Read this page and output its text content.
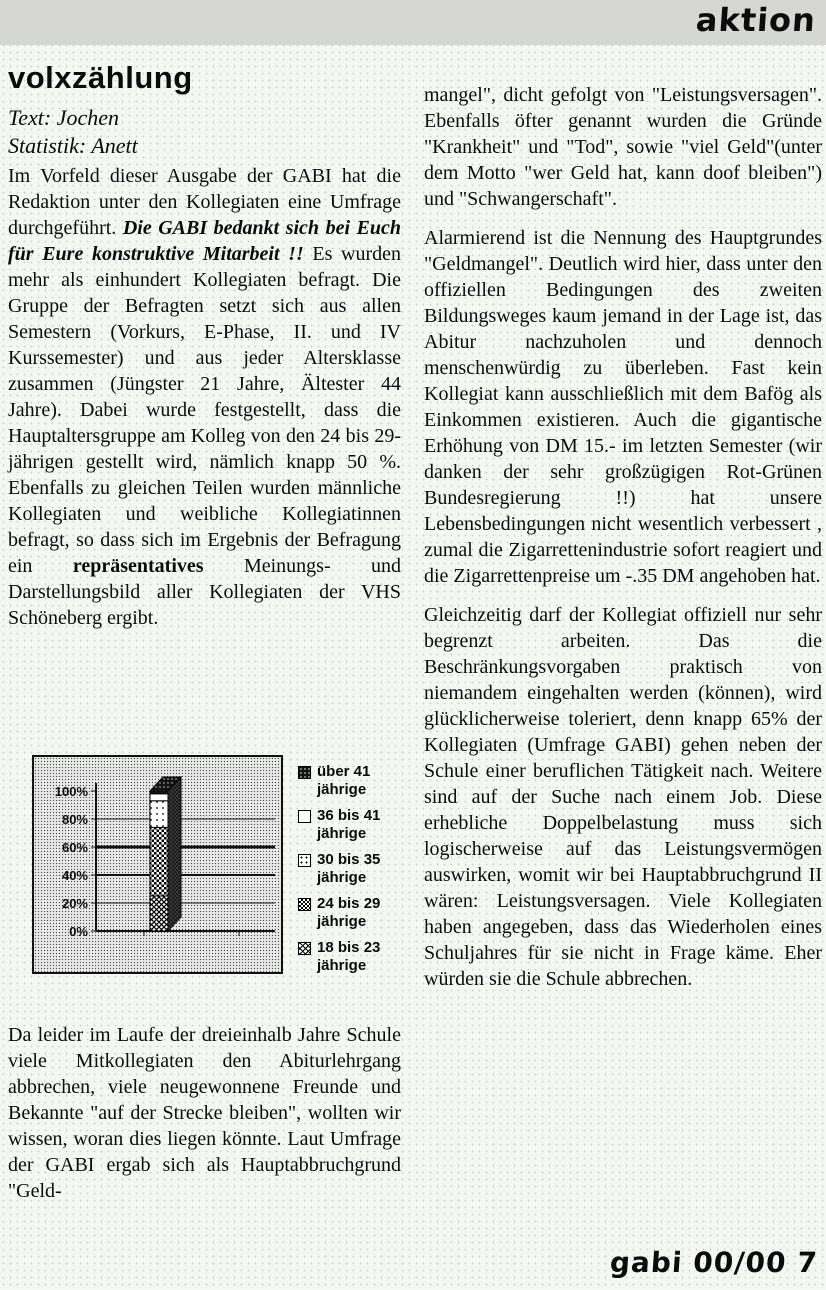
aktion
volxzählung
Text: Jochen
Statistik: Anett
Im Vorfeld dieser Ausgabe der GABI hat die Redaktion unter den Kollegiaten eine Umfrage durchgeführt. Die GABI bedankt sich bei Euch für Eure konstruktive Mitarbeit !! Es wurden mehr als einhundert Kollegiaten befragt. Die Gruppe der Befragten setzt sich aus allen Semestern (Vorkurs, E-Phase, II. und IV Kurssemester) und aus jeder Altersklasse zusammen (Jüngster 21 Jahre, Ältester 44 Jahre). Dabei wurde festgestellt, dass die Hauptaltersgruppe am Kolleg von den 24 bis 29-jährigen gestellt wird, nämlich knapp 50 %. Ebenfalls zu gleichen Teilen wurden männliche Kollegiaten und weibliche Kollegiatinnen befragt, so dass sich im Ergebnis der Befragung ein repräsentatives Meinungs- und Darstellungsbild aller Kollegiaten der VHS Schöneberg ergibt.
0%
20%
40%
60%
80%
100%
über 41 jährige
36 bis 41 jährige
30 bis 35 jährige
24 bis 29 jährige
18 bis 23 jährige
Da leider im Laufe der dreieinhalb Jahre Schule viele Mitkollegiaten den Abiturlehrgang abbrechen, viele neugewonnene Freunde und Bekannte "auf der Strecke bleiben", wollten wir wissen, woran dies liegen könnte. Laut Umfrage der GABI ergab sich als Hauptabbruchgrund "Geld-

mangel", dicht gefolgt von "Leistungsversagen". Ebenfalls öfter genannt wurden die Gründe "Krankheit" und "Tod", sowie "viel Geld"(unter dem Motto "wer Geld hat, kann doof bleiben") und "Schwangerschaft".

Alarmierend ist die Nennung des Hauptgrundes "Geldmangel". Deutlich wird hier, dass unter den offiziellen Bedingungen des zweiten Bildungsweges kaum jemand in der Lage ist, das Abitur nachzuholen und dennoch menschenwürdig zu überleben. Fast kein Kollegiat kann ausschließlich mit dem Bafög als Einkommen existieren. Auch die gigantische Erhöhung von DM 15.- im letzten Semester (wir danken der sehr großzügigen Rot-Grünen Bundesregierung !!) hat unsere Lebensbedingungen nicht wesentlich verbessert , zumal die Zigarrettenindustrie sofort reagiert und die Zigarrettenpreise um -.35 DM angehoben hat.

Gleichzeitig darf der Kollegiat offiziell nur sehr begrenzt arbeiten. Das die Beschränkungsvorgaben praktisch von niemandem eingehalten werden (können), wird glücklicherweise toleriert, denn knapp 65% der Kollegiaten (Umfrage GABI) gehen neben der Schule einer beruflichen Tätigkeit nach. Weitere sind auf der Suche nach einem Job. Diese erhebliche Doppelbelastung muss sich logischerweise auf das Leistungsvermögen auswirken, womit wir bei Hauptabbruchgrund II wären: Leistungsversagen. Viele Kollegiaten haben angegeben, dass das Wiederholen eines Schuljahres für sie nicht in Frage käme. Eher würden sie die Schule abbrechen.

gabi 00/00 7
